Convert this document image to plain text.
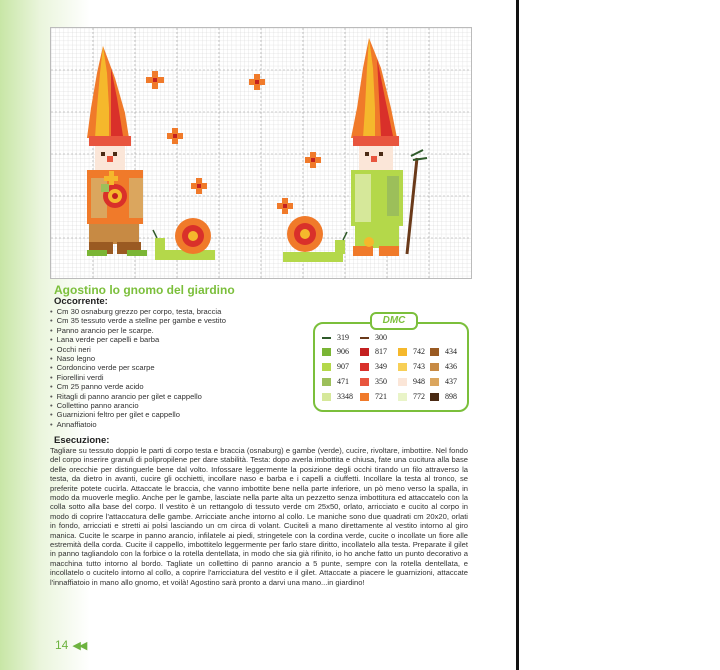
Agostino lo gnomo del giardino
Occorrente:
• Cm 30 osnaburg grezzo per corpo, testa, braccia
• Cm 35 tessuto verde a stellne per gambe e vestito
• Panno arancio per le scarpe.
• Lana verde per capelli e barba
• Occhi neri
• Naso legno
• Cordoncino verde per scarpe
• Fiorellini verdi
• Cm 25 panno verde acido
• Ritagli di panno arancio per gilet e cappello
• Collettino panno arancio
• Guarnizioni feltro per gilet e cappello
• Annaffiatoio
DMC
319	300
906	817	742	434
907	349	743	436
471	350	948	437
3348	721	772	898
Esecuzione:

Tagliare su tessuto doppio le parti di corpo testa e braccia (osnaburg) e gambe (verde), cucire, rivoltare, imbottire. Nel fondo del corpo inserire granuli di polipropilene per dare stabilità. Testa: dopo averla imbottita e chiusa, fate una cucitura alla base delle orecchie per distinguerle bene dal volto. Infossare leggermente la posizione degli occhi tirando un filo attraverso la testa, da dietro in avanti, cucire gli occhietti, incollare naso e barba e i capelli a ciuffetti. Incollare la testa al tronco, se preferite potete cucirla. Attaccate le braccia, che vanno imbottite bene nella parte inferiore, un pò meno verso la spalla, in modo da muoverle meglio. Anche per le gambe, lasciate nella parte alta un pezzetto senza imbottitura ed attaccatelo con la colla sotto alla base del corpo. Il vestito è un rettangolo di tessuto verde cm 25x50, orlato, arricciato e cucito al corpo in modo di coprire l'attaccatura delle gambe. Arricciate anche intorno al collo. Le maniche sono due quadrati cm 20x20, orlati in fondo, arricciati e stretti ai polsi lasciando un cm circa di volant. Cuciteli a mano direttamente al vestito intorno al giro manica. Cucite le scarpe in panno arancio, infilatele ai piedi, stringetele con la cordina verde, cucite o incollate un fiore alle estremità della corda. Cucite il cappello, imbottitelo leggermente per farlo stare diritto, incollatelo alla testa. Preparate il gilet in panno tagliandolo con la forbice o la rotella dentellata, in modo che sia già rifinito, io ho anche fatto un punto decorativo a macchina tutto intorno al bordo. Tagliate un collettino di panno arancio a 5 punte, sempre con la rotella dentellata, e incollatelo o cucitelo intorno al collo, a coprire l'arricciatura del vestito e il gilet. Attaccate a piacere le guarnizioni, attaccate l'innaffiatoio in mano allo gnomo, et voilà! Agostino sarà pronto a darvi una mano...in giardino!

14 ◀◀
